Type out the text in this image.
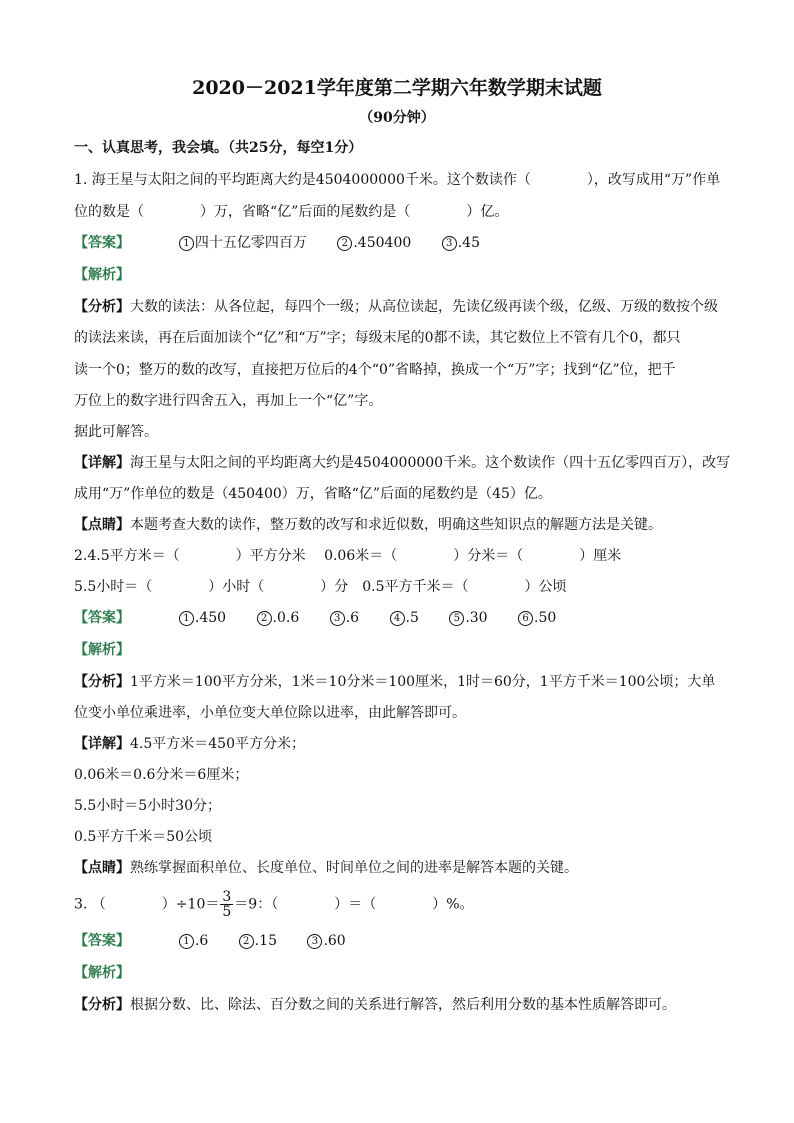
2020－2021学年度第二学期六年数学期末试题
（90分钟）
一、认真思考，我会填。（共25分，每空1分）
1. 海王星与太阳之间的平均距离大约是4504000000千米。这个数读作（　　　　），改写成用“万”作单
位的数是（　　　　）万，省略“亿”后面的尾数约是（　　　　）亿。
【答案】	1 四十五亿零四百万	2 .450400	3 .45
【解析】
【分析】大数的读法：从各位起，每四个一级；从高位读起，先读亿级再读个级，亿级、万级的数按个级
的读法来读，再在后面加读个“亿”和“万”字；每级末尾的0都不读，其它数位上不管有几个0，都只
读一个0；整万的数的改写，直接把万位后的4个“0”省略掉，换成一个“万”字；找到“亿”位，把千
万位上的数字进行四舍五入，再加上一个“亿”字。
据此可解答。
【详解】海王星与太阳之间的平均距离大约是4504000000千米。这个数读作（四十五亿零四百万），改写
成用“万”作单位的数是（450400）万，省略“亿”后面的尾数约是（45）亿。
【点睛】本题考查大数的读作，整万数的改写和求近似数，明确这些知识点的解题方法是关键。
2.4.5平方米＝（　　　　）平方分米　 0.06米＝（　　　　）分米＝（　　　　）厘米
5.5小时＝（　　　　）小时（　　　　）分　0.5平方千米＝（　　　　）公顷
【答案】	1 .450	2 .0.6	3 .6	4 .5	5 .30	6 .50
【解析】
【分析】1平方米＝100平方分米，1米＝10分米＝100厘米，1时＝60分，1平方千米＝100公顷；大单
位变小单位乘进率，小单位变大单位除以进率，由此解答即可。
【详解】4.5平方米＝450平方分米；
0.06米＝0.6分米＝6厘米；
5.5小时＝5小时30分；
0.5平方千米＝50公顷
【点睛】熟练掌握面积单位、长度单位、时间单位之间的进率是解答本题的关键。
3. （　　　　）$\div 10= \frac{3}{5} =9$：（　　　　）＝（　　　　）%。
【答案】	1 .6	2 .15	3 .60
【解析】
【分析】根据分数、比、除法、百分数之间的关系进行解答，然后利用分数的基本性质解答即可。
